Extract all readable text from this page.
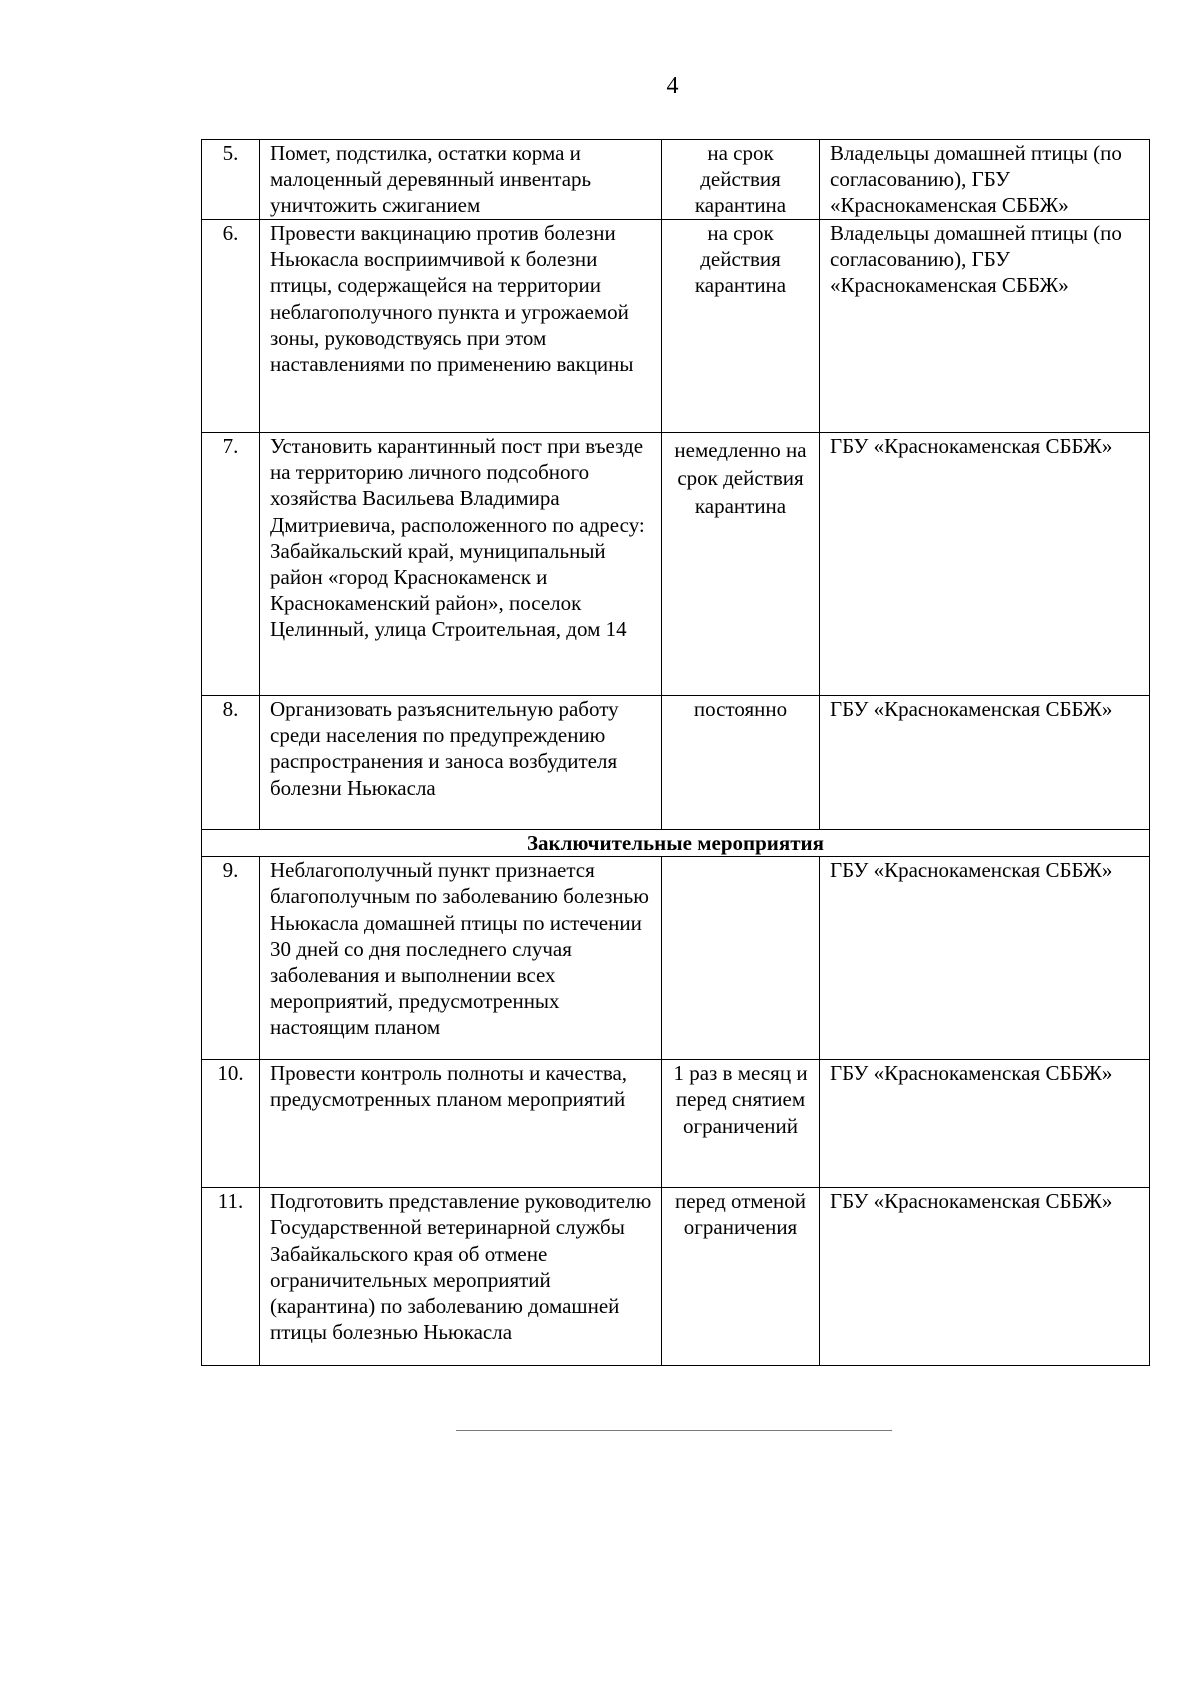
4
5.	Помет, подстилка, остатки корма и малоценный деревянный инвентарь уничтожить сжиганием	на срок действия карантина	Владельцы домашней птицы (по согласованию), ГБУ «Краснокаменская СББЖ»
6.	Провести вакцинацию против болезни Ньюкасла восприимчивой к болезни птицы, содержащейся на территории неблагополучного пункта и угрожаемой зоны, руководствуясь при этом наставлениями по применению вакцины	на срок действия карантина	Владельцы домашней птицы (по согласованию), ГБУ «Краснокаменская СББЖ»
7.	Установить карантинный пост при въезде на территорию личного подсобного хозяйства Васильева Владимира Дмитриевича, расположенного по адресу: Забайкальский край, муниципальный район «город Краснокаменск и Краснокаменский район», поселок Целинный, улица Строительная, дом 14	немедленно на срок действия карантина	ГБУ «Краснокаменская СББЖ»
8.	Организовать разъяснительную работу среди населения по предупреждению распространения и заноса возбудителя болезни Ньюкасла	постоянно	ГБУ «Краснокаменская СББЖ»
Заключительные мероприятия			
9.	Неблагополучный пункт признается благополучным по заболеванию болезнью Ньюкасла домашней птицы по истечении 30 дней со дня последнего случая заболевания и выполнении всех мероприятий, предусмотренных настоящим планом		ГБУ «Краснокаменская СББЖ»
10.	Провести контроль полноты и качества, предусмотренных планом мероприятий	1 раз в месяц и перед снятием ограничений	ГБУ «Краснокаменская СББЖ»
11.	Подготовить представление руководителю Государственной ветеринарной службы Забайкальского края об отмене ограничительных мероприятий (карантина) по заболеванию домашней птицы болезнью Ньюкасла	перед отменой ограничения	ГБУ «Краснокаменская СББЖ»
